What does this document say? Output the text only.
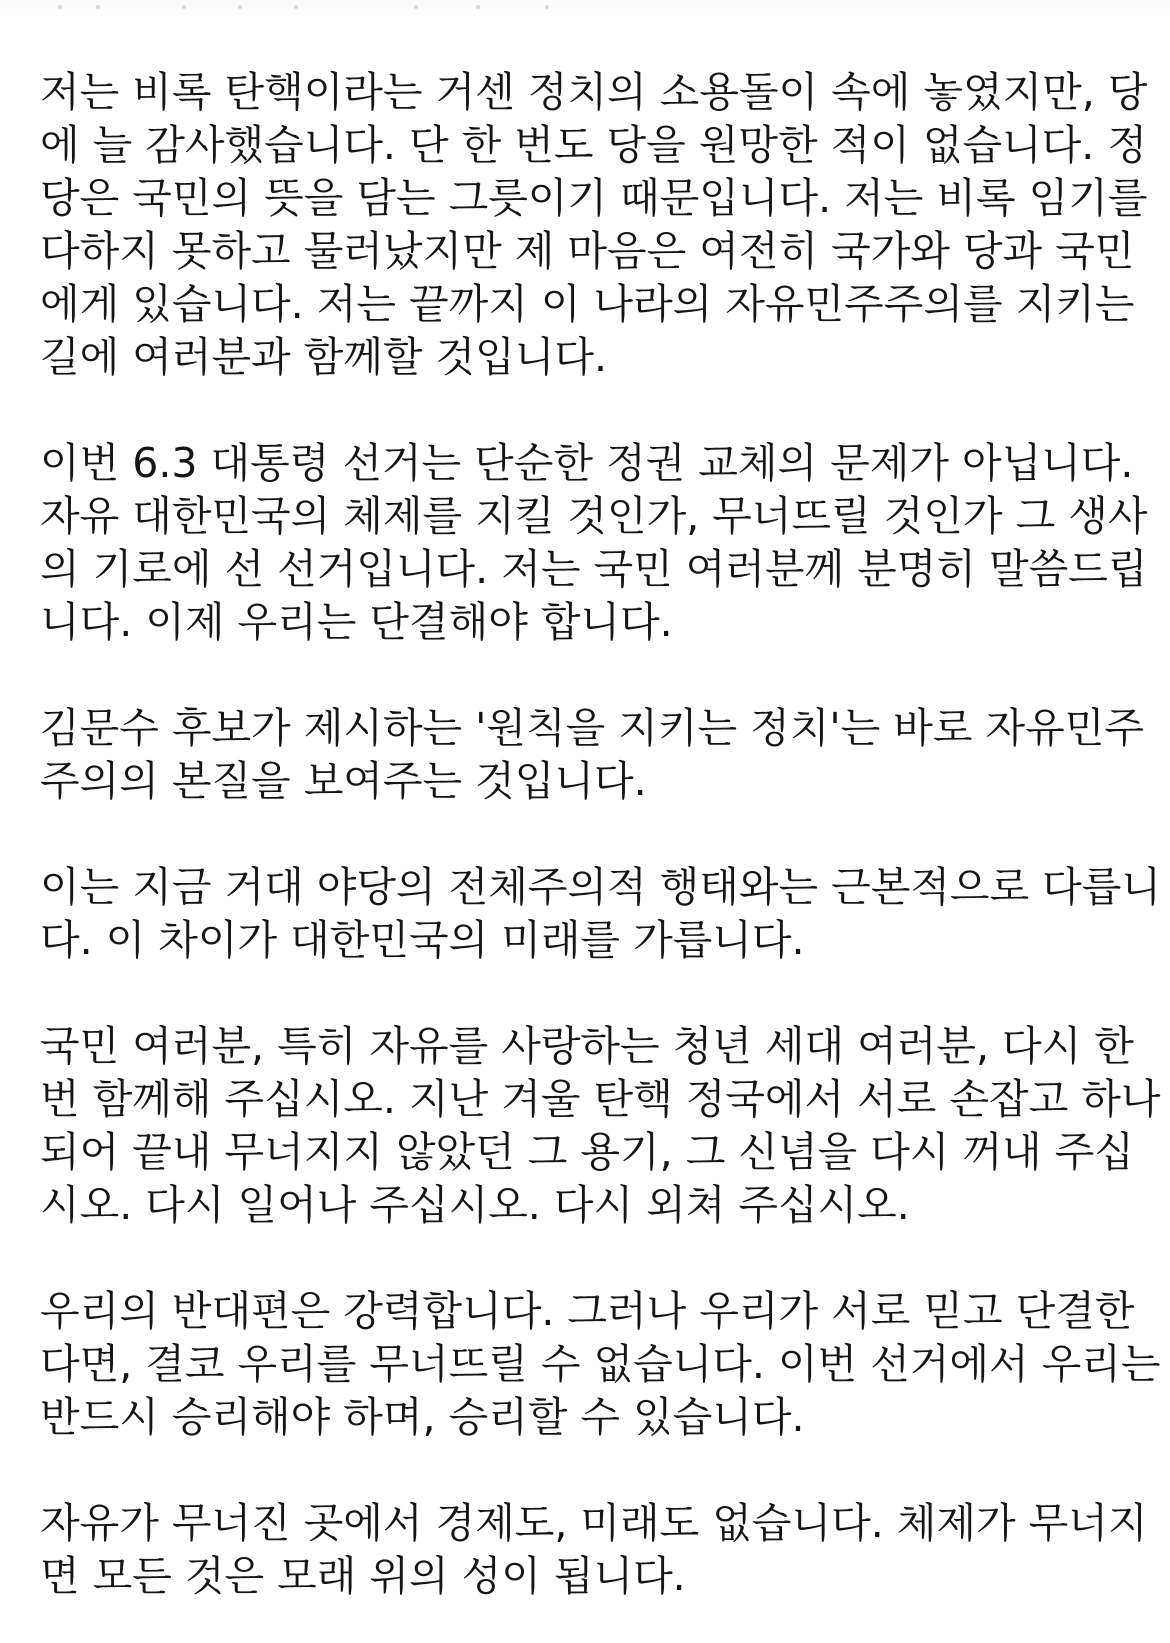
저는 비록 탄핵이라는 거센 정치의 소용돌이 속에 놓였지만, 당
에 늘 감사했습니다. 단 한 번도 당을 원망한 적이 없습니다. 정
당은 국민의 뜻을 담는 그릇이기 때문입니다. 저는 비록 임기를
다하지 못하고 물러났지만 제 마음은 여전히 국가와 당과 국민
에게 있습니다. 저는 끝까지 이 나라의 자유민주주의를 지키는
길에 여러분과 함께할 것입니다.

이번 6.3 대통령 선거는 단순한 정권 교체의 문제가 아닙니다.
자유 대한민국의 체제를 지킬 것인가, 무너뜨릴 것인가 그 생사
의 기로에 선 선거입니다. 저는 국민 여러분께 분명히 말씀드립
니다. 이제 우리는 단결해야 합니다.

김문수 후보가 제시하는 '원칙을 지키는 정치'는 바로 자유민주
주의의 본질을 보여주는 것입니다.

이는 지금 거대 야당의 전체주의적 행태와는 근본적으로 다릅니
다. 이 차이가 대한민국의 미래를 가릅니다.

국민 여러분, 특히 자유를 사랑하는 청년 세대 여러분, 다시 한
번 함께해 주십시오. 지난 겨울 탄핵 정국에서 서로 손잡고 하나
되어 끝내 무너지지 않았던 그 용기, 그 신념을 다시 꺼내 주십
시오. 다시 일어나 주십시오. 다시 외쳐 주십시오.

우리의 반대편은 강력합니다. 그러나 우리가 서로 믿고 단결한
다면, 결코 우리를 무너뜨릴 수 없습니다. 이번 선거에서 우리는
반드시 승리해야 하며, 승리할 수 있습니다.

자유가 무너진 곳에서 경제도, 미래도 없습니다. 체제가 무너지
면 모든 것은 모래 위의 성이 됩니다.
